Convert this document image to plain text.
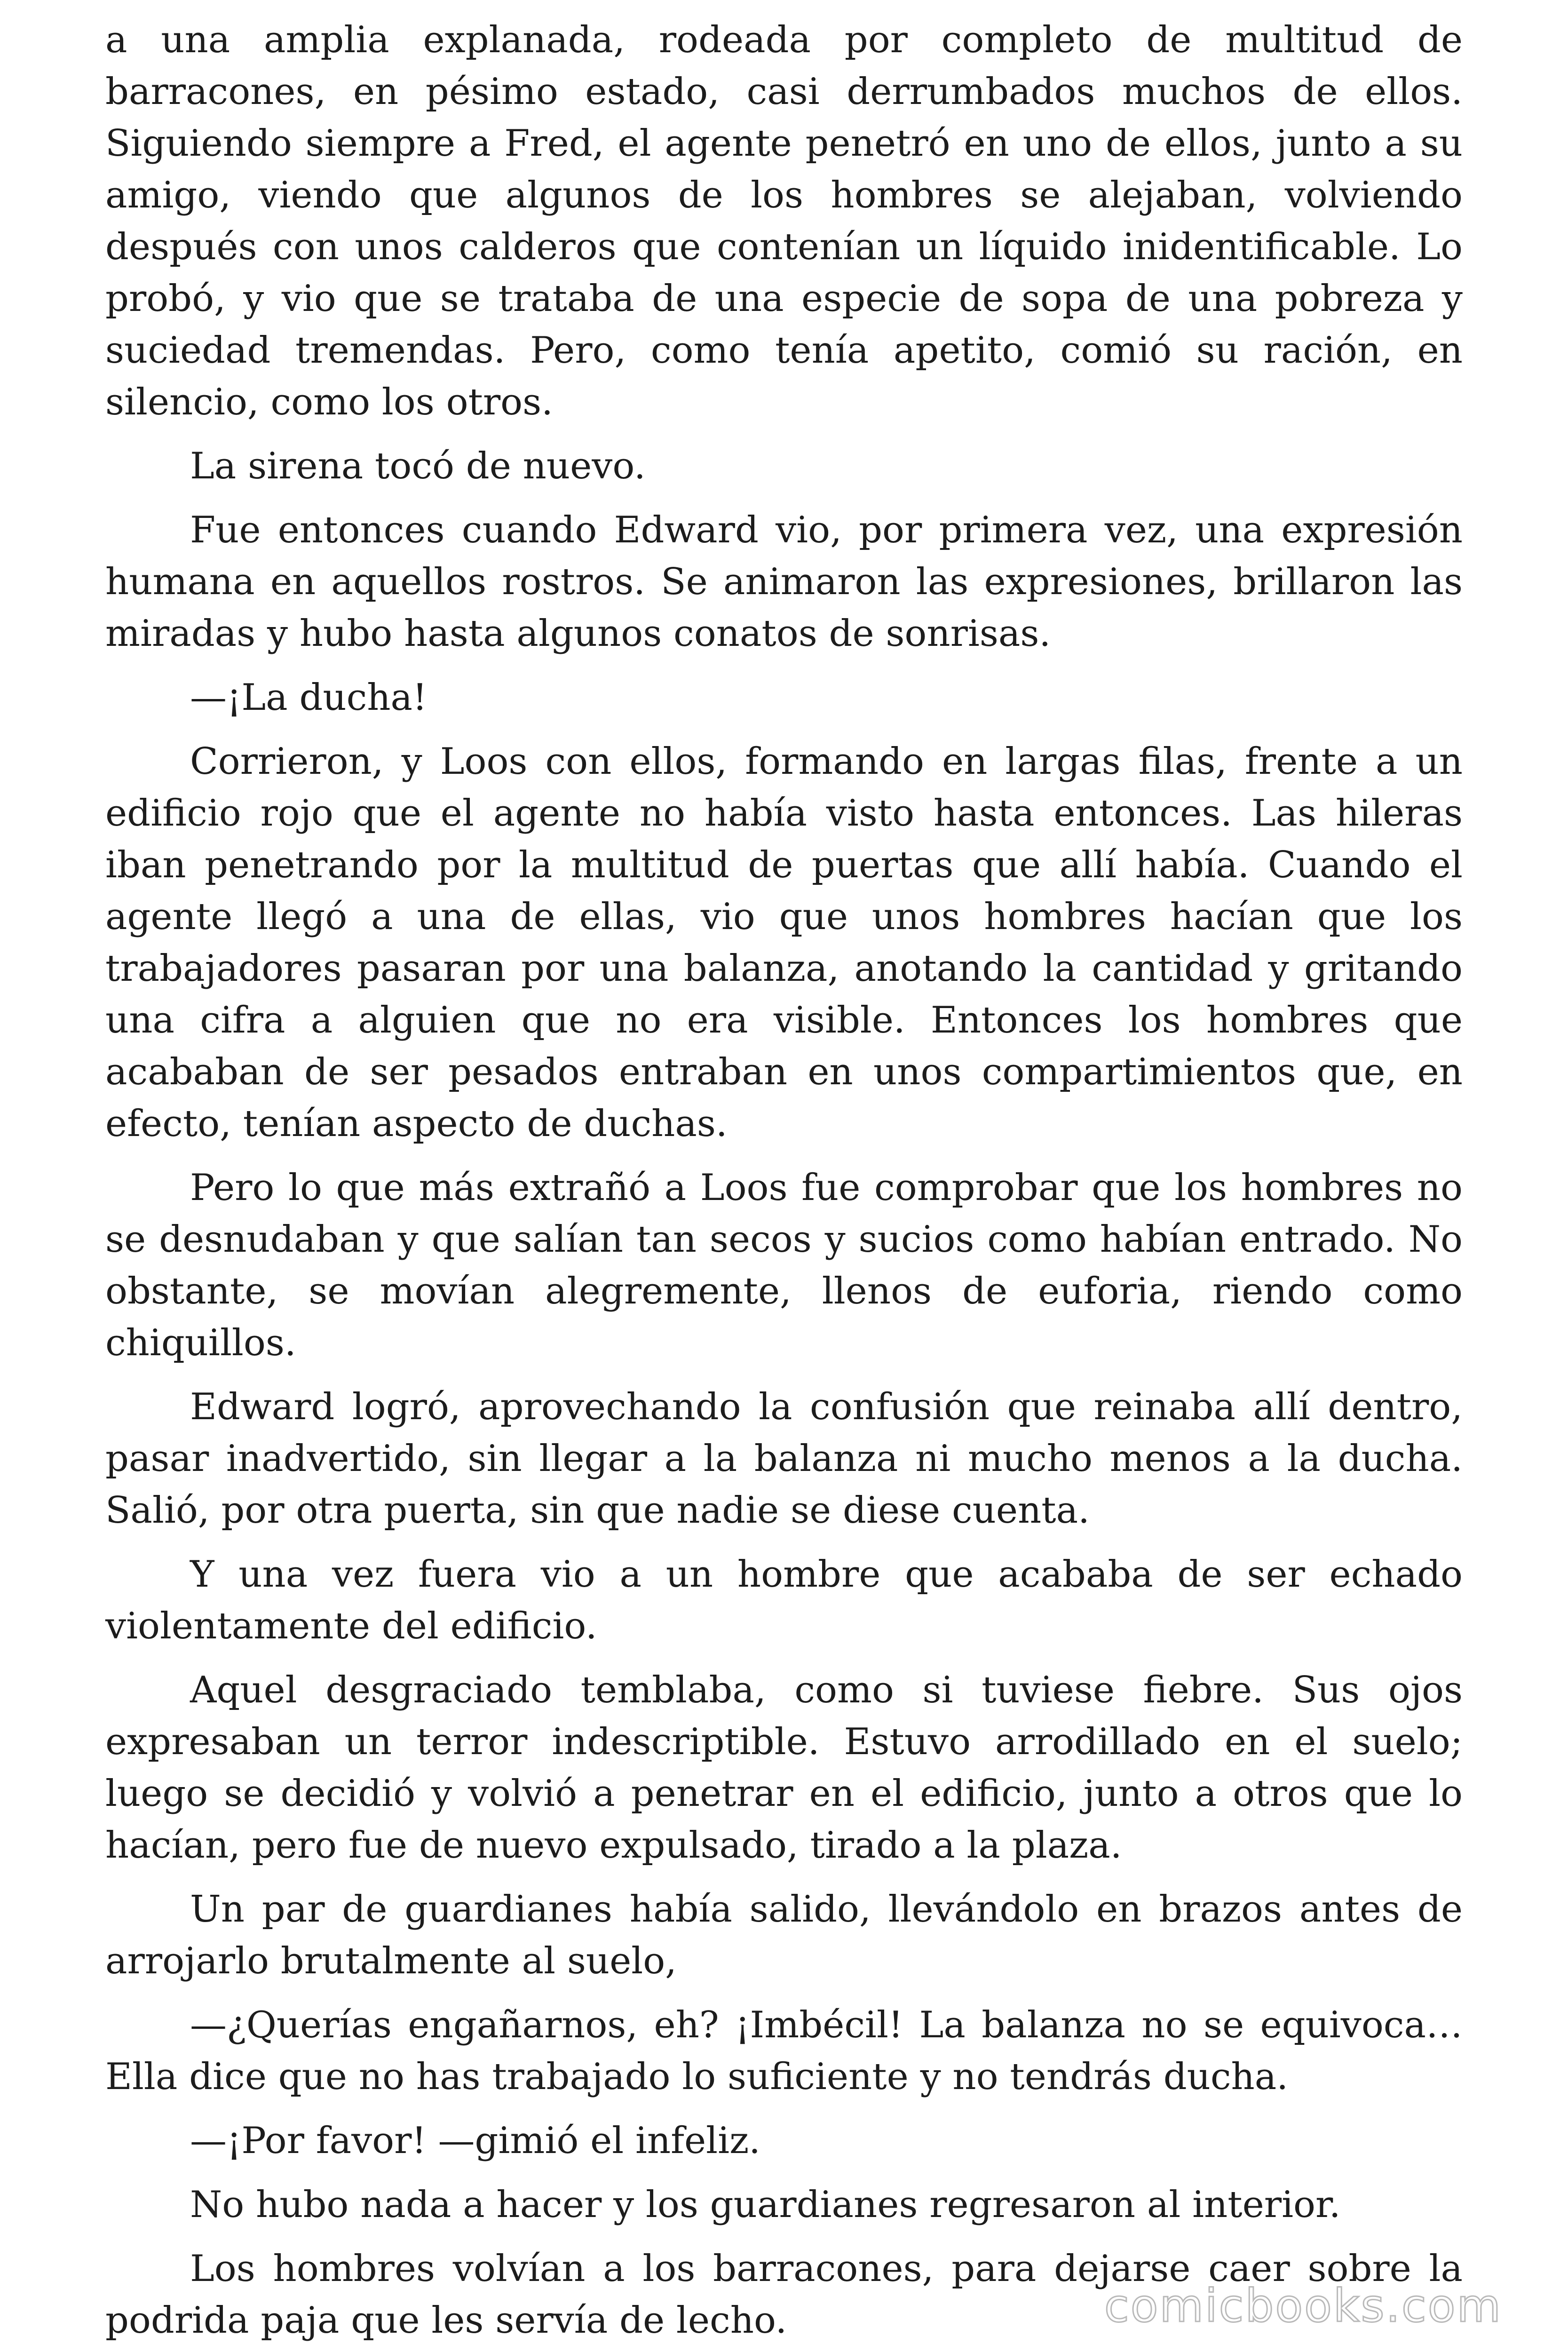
a una amplia explanada, rodeada por completo de multitud de barracones, en pésimo estado, casi derrumbados muchos de ellos. Siguiendo siempre a Fred, el agente penetró en uno de ellos, junto a su amigo, viendo que algunos de los hombres se alejaban, volviendo después con unos calderos que contenían un líquido inidentificable. Lo probó, y vio que se trataba de una especie de sopa de una pobreza y suciedad tremendas. Pero, como tenía apetito, comió su ración, en silencio, como los otros.

La sirena tocó de nuevo.

Fue entonces cuando Edward vio, por primera vez, una expresión humana en aquellos rostros. Se animaron las expresiones, brillaron las miradas y hubo hasta algunos conatos de sonrisas.

—¡La ducha!

Corrieron, y Loos con ellos, formando en largas filas, frente a un edificio rojo que el agente no había visto hasta entonces. Las hileras iban penetrando por la multitud de puertas que allí había. Cuando el agente llegó a una de ellas, vio que unos hombres hacían que los trabajadores pasaran por una balanza, anotando la cantidad y gritando una cifra a alguien que no era visible. Entonces los hombres que acababan de ser pesados entraban en unos compartimientos que, en efecto, tenían aspecto de duchas.

Pero lo que más extrañó a Loos fue comprobar que los hombres no se desnudaban y que salían tan secos y sucios como habían entrado. No obstante, se movían alegremente, llenos de euforia, riendo como chiquillos.

Edward logró, aprovechando la confusión que reinaba allí dentro, pasar inadvertido, sin llegar a la balanza ni mucho menos a la ducha. Salió, por otra puerta, sin que nadie se diese cuenta.

Y una vez fuera vio a un hombre que acababa de ser echado violentamente del edificio.

Aquel desgraciado temblaba, como si tuviese fiebre. Sus ojos expresaban un terror indescriptible. Estuvo arrodillado en el suelo; luego se decidió y volvió a penetrar en el edificio, junto a otros que lo hacían, pero fue de nuevo expulsado, tirado a la plaza.

Un par de guardianes había salido, llevándolo en brazos antes de arrojarlo brutalmente al suelo,

—¿Querías engañarnos, eh? ¡Imbécil! La balanza no se equivoca… Ella dice que no has trabajado lo suficiente y no tendrás ducha.

—¡Por favor! —gimió el infeliz.

No hubo nada a hacer y los guardianes regresaron al interior.

Los hombres volvían a los barracones, para dejarse caer sobre la podrida paja que les servía de lecho.	comicbooks.com
